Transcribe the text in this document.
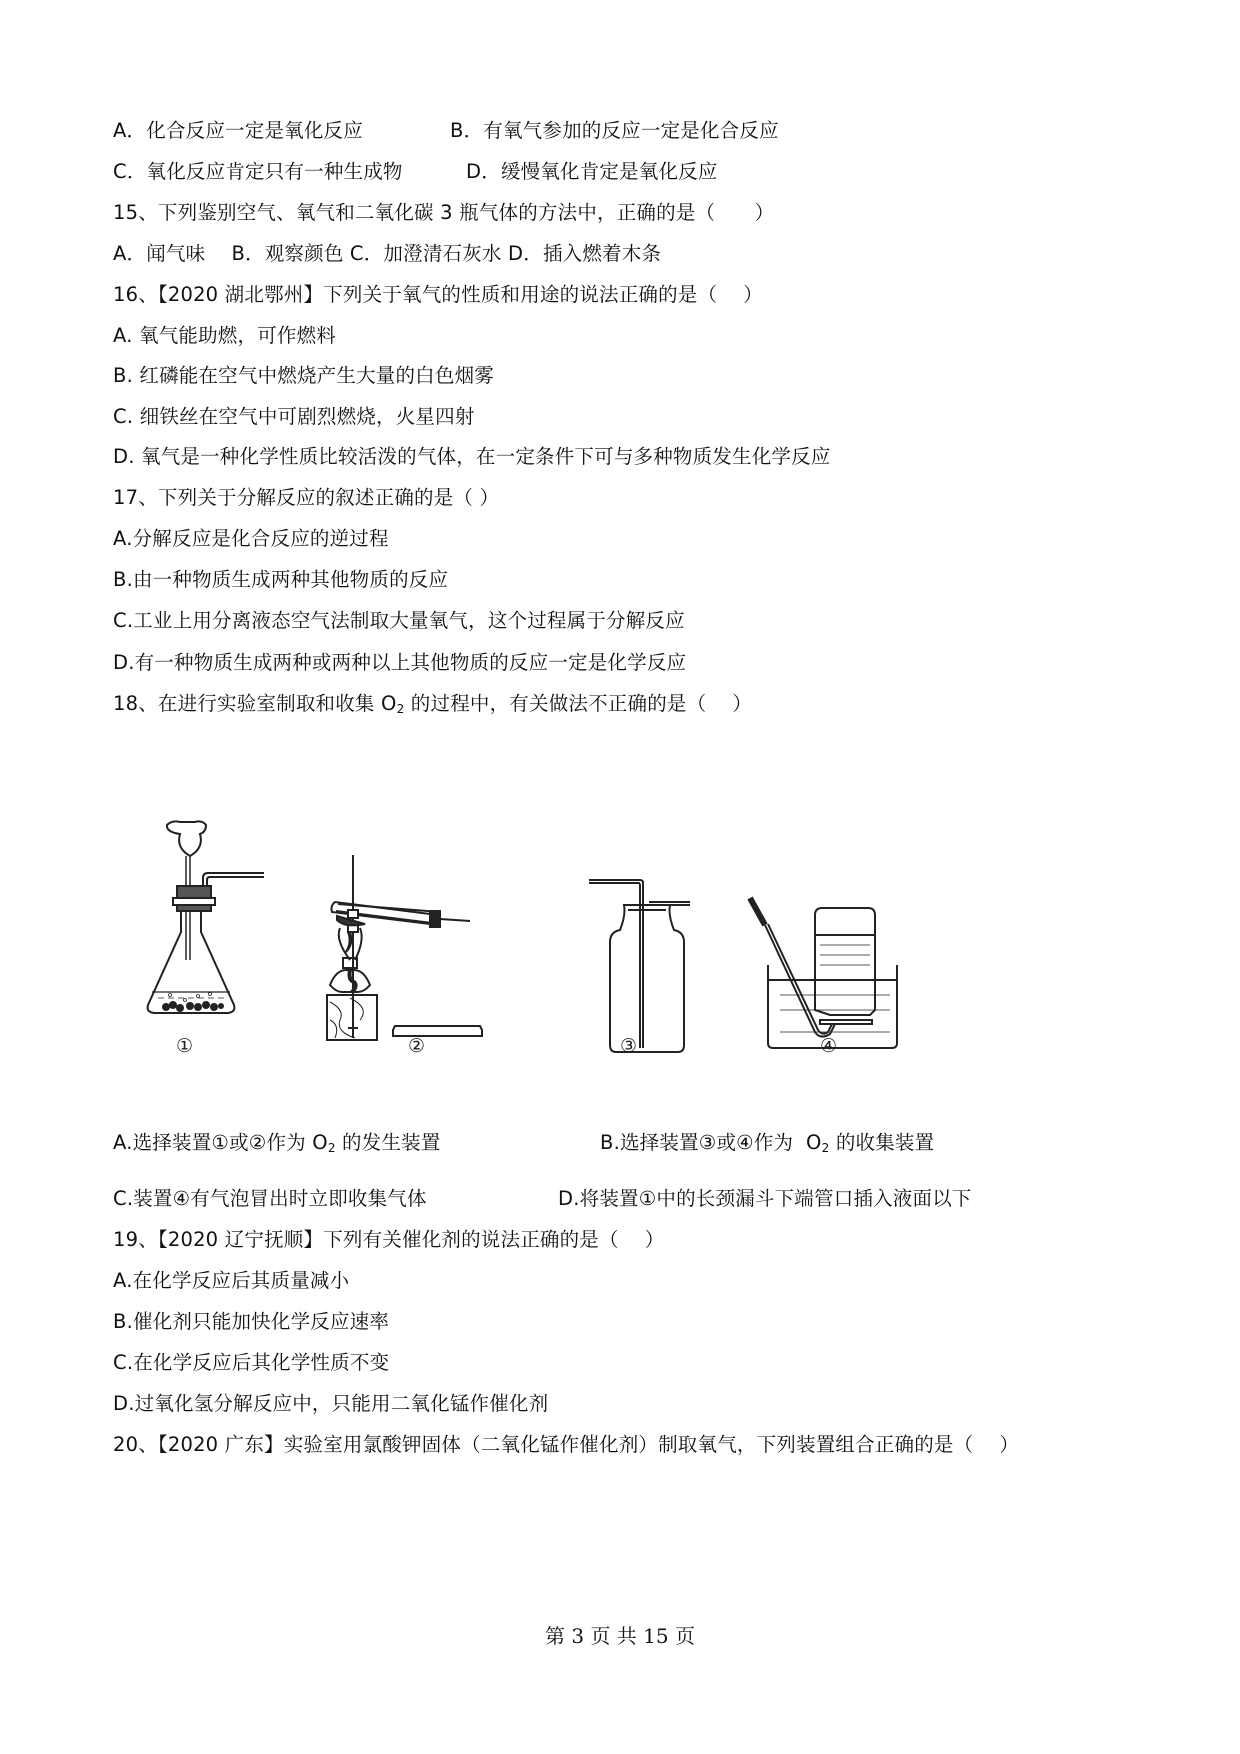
A．化合反应一定是氧化反应	B．有氧气参加的反应一定是化合反应
C．氧化反应肯定只有一种生成物	D．缓慢氧化肯定是氧化反应
15、下列鉴别空气、氧气和二氧化碳 3 瓶气体的方法中，正确的是（　　）
A．闻气味　 B．观察颜色 C．加澄清石灰水 D．插入燃着木条
16、【2020 湖北鄂州】下列关于氧气的性质和用途的说法正确的是（　 ）
A. 氧气能助燃，可作燃料
B. 红磷能在空气中燃烧产生大量的白色烟雾
C. 细铁丝在空气中可剧烈燃烧，火星四射
D. 氧气是一种化学性质比较活泼的气体，在一定条件下可与多种物质发生化学反应
17、下列关于分解反应的叙述正确的是（ ）
A.分解反应是化合反应的逆过程
B.由一种物质生成两种其他物质的反应
C.工业上用分离液态空气法制取大量氧气，这个过程属于分解反应
D.有一种物质生成两种或两种以上其他物质的反应一定是化学反应
18、在进行实验室制取和收集 $O_2$ 的过程中，有关做法不正确的是（　 ）
①	②	③	④
A.选择装置①或②作为 $O_2$ 的发生装置	B.选择装置③或④作为  $O_2$ 的收集装置
C.装置④有气泡冒出时立即收集气体	D.将装置①中的长颈漏斗下端管口插入液面以下
19、【2020 辽宁抚顺】下列有关催化剂的说法正确的是（　 ）
A.在化学反应后其质量减小
B.催化剂只能加快化学反应速率
C.在化学反应后其化学性质不变
D.过氧化氢分解反应中，只能用二氧化锰作催化剂
20、【2020 广东】实验室用氯酸钾固体（二氧化锰作催化剂）制取氧气，下列装置组合正确的是（　 ）
第 3 页 共 15 页
